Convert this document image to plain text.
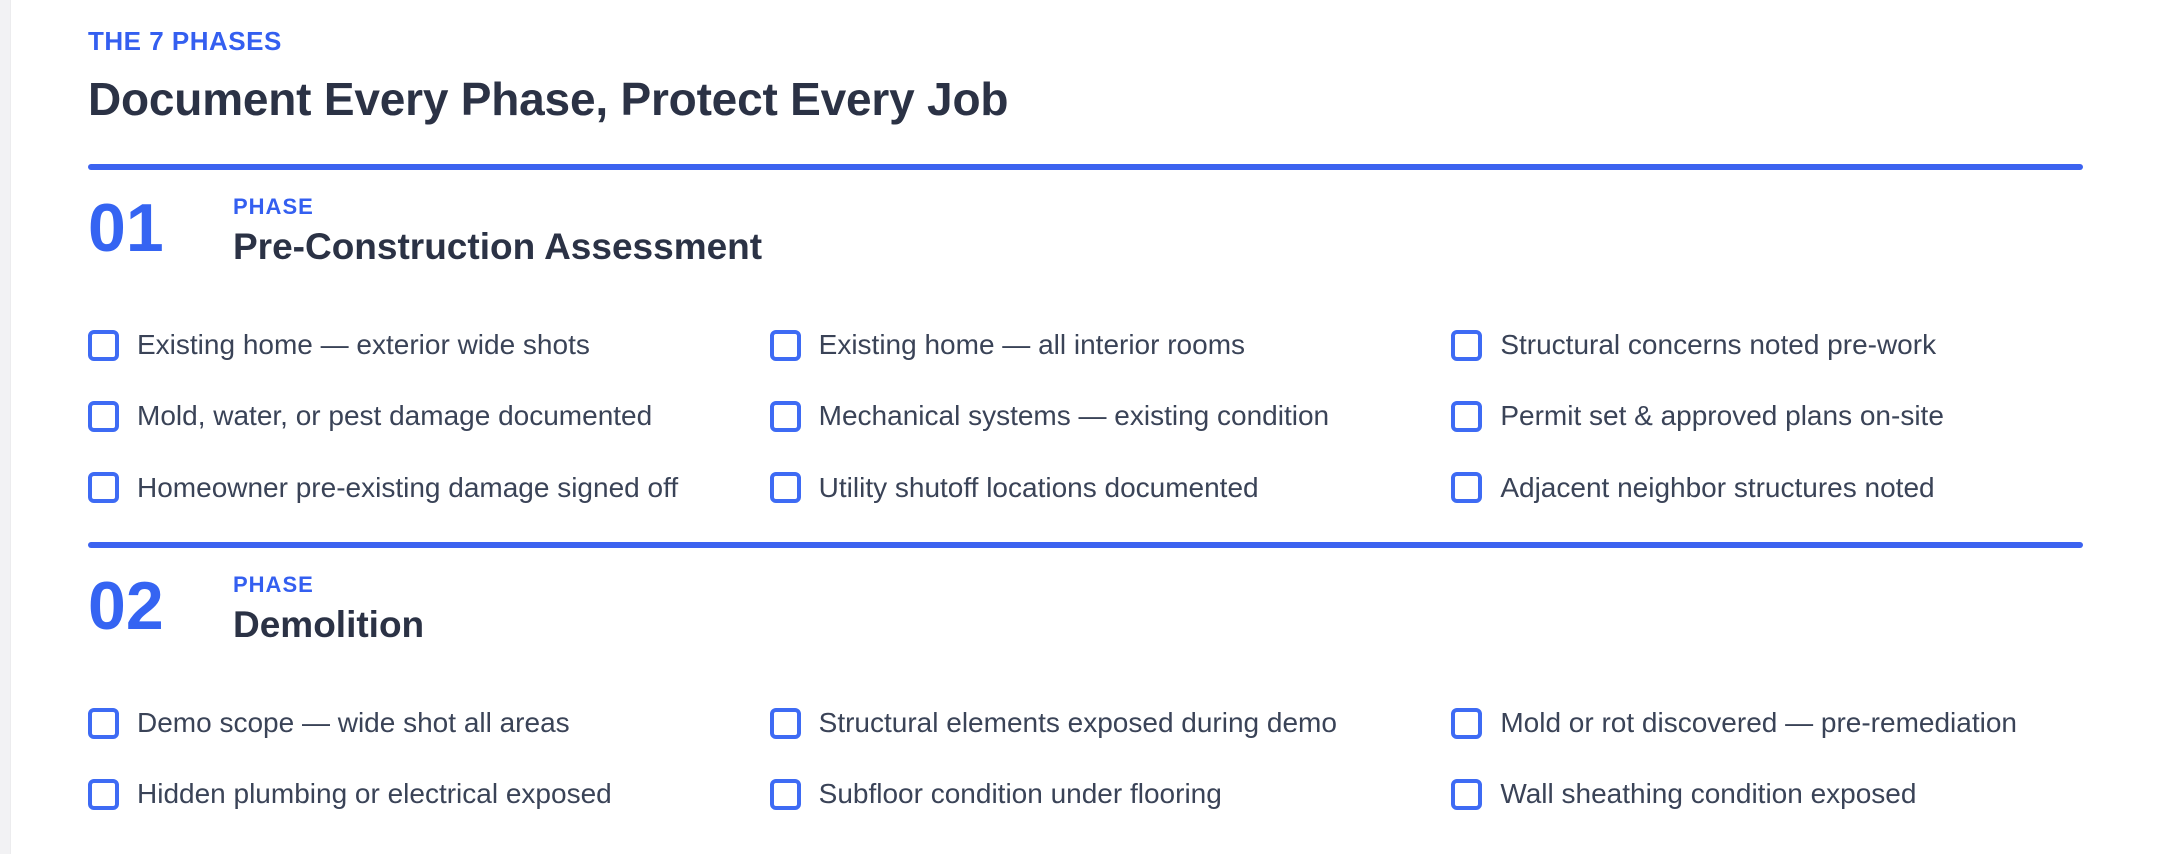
THE 7 PHASES
Document Every Phase, Protect Every Job
01	PHASE
Pre-Construction Assessment
Existing home — exterior wide shots	Existing home — all interior rooms	Structural concerns noted pre-work
Mold, water, or pest damage documented	Mechanical systems — existing condition	Permit set & approved plans on-site
Homeowner pre-existing damage signed off	Utility shutoff locations documented	Adjacent neighbor structures noted
02	PHASE
Demolition
Demo scope — wide shot all areas	Structural elements exposed during demo	Mold or rot discovered — pre-remediation
Hidden plumbing or electrical exposed	Subfloor condition under flooring	Wall sheathing condition exposed
